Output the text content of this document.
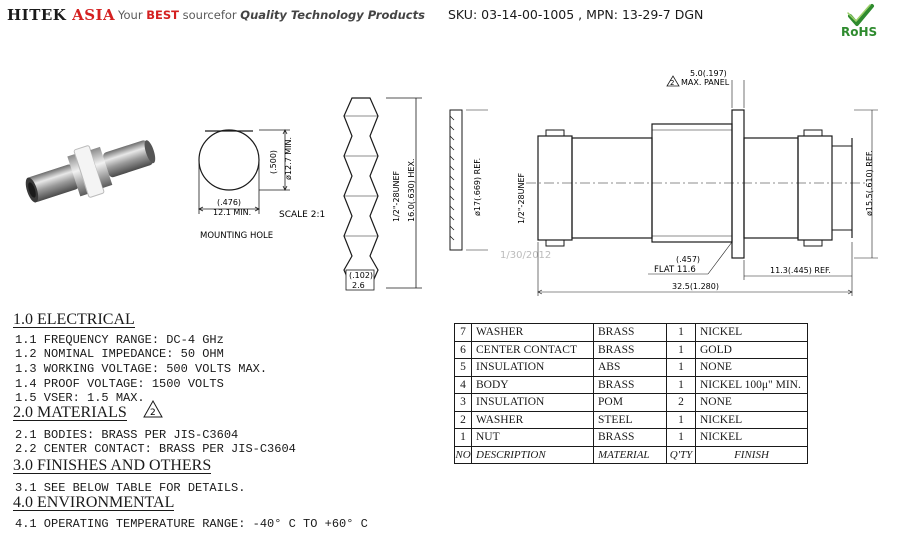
HITEK ASIA Your BEST sourcefor Quality Technology Products SKU: 03-14-00-1005 , MPN: 13-29-7 DGN
RoHS
(.500) ø12.7 MIN.
(.476)
12.1 MIN.	SCALE 2:1
MOUNTING HOLE
1/2"-28UNEF 16.0(.630) HEX.
(.102)
2.6
ø17(.669) REF.
1/30/2012
1/2"-28UNEF
5.0(.197)
2 MAX. PANEL
(.457)
FLAT 11.6	11.3(.445) REF.
32.5(1.280)
ø15.5(.610) REF.
1.0 ELECTRICAL
1.1 FREQUENCY RANGE: DC-4 GHz
1.2 NOMINAL IMPEDANCE: 50 OHM
1.3 WORKING VOLTAGE: 500 VOLTS MAX.
1.4 PROOF VOLTAGE: 1500 VOLTS
1.5 VSER: 1.5 MAX.
2.0 MATERIALS	2
2.1 BODIES: BRASS PER JIS-C3604
2.2 CENTER CONTACT: BRASS PER JIS-C3604
3.0 FINISHES AND OTHERS
3.1 SEE BELOW TABLE FOR DETAILS.
4.0 ENVIRONMENTAL
4.1 OPERATING TEMPERATURE RANGE: -40° C TO +60° C
7	WASHER	BRASS	1	NICKEL
6	CENTER CONTACT	BRASS	1	GOLD
5	INSULATION	ABS	1	NONE
4	BODY	BRASS	1	NICKEL 100μ" MIN.
3	INSULATION	POM	2	NONE
2	WASHER	STEEL	1	NICKEL
1	NUT	BRASS	1	NICKEL
NO	DESCRIPTION	MATERIAL	Q'TY	FINISH
